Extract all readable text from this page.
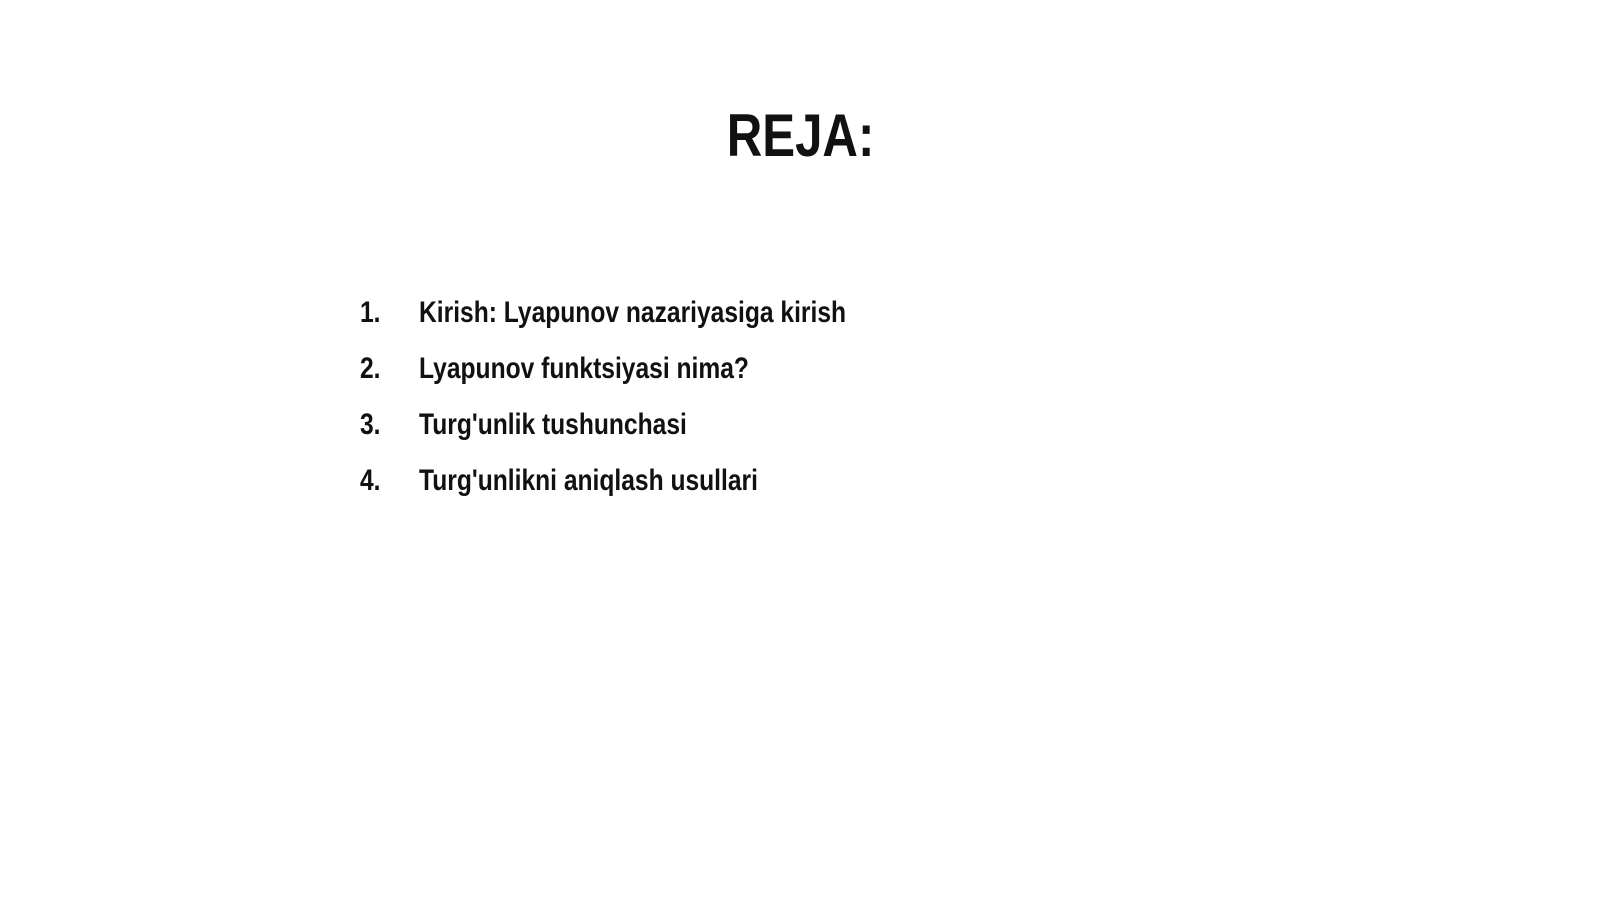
REJA:
1. Kirish: Lyapunov nazariyasiga kirish
2. Lyapunov funktsiyasi nima?
3. Turg'unlik tushunchasi
4. Turg'unlikni aniqlash usullari
